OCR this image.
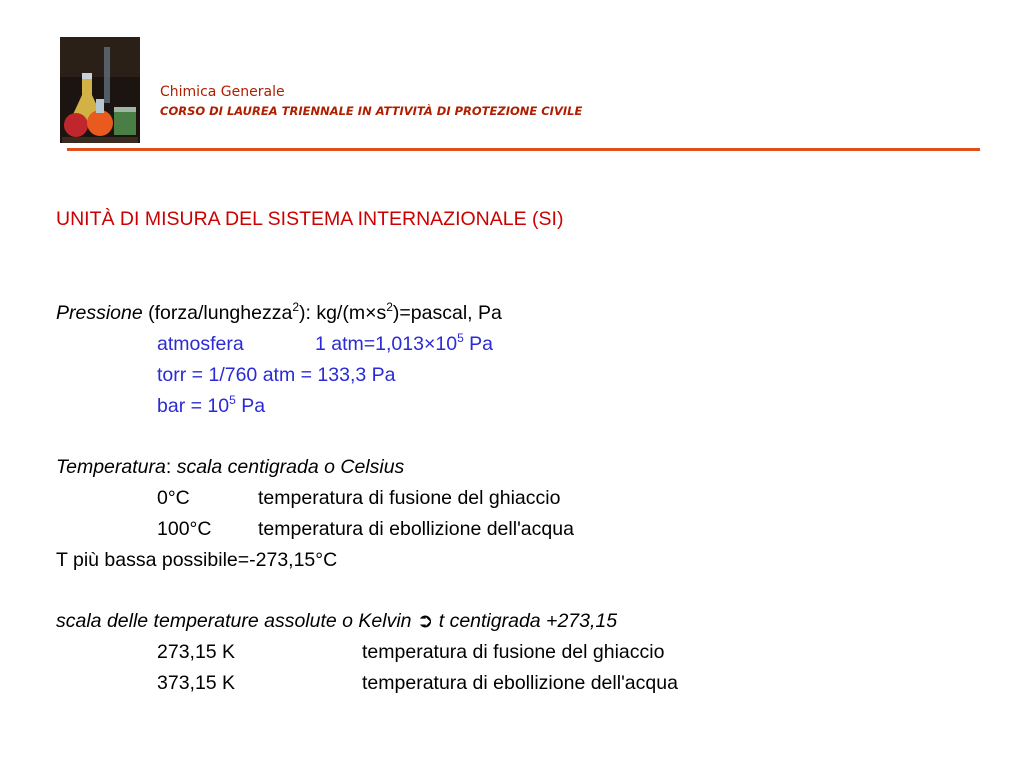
Chimica Generale
CORSO DI LAUREA TRIENNALE IN ATTIVITÀ DI PROTEZIONE CIVILE
UNITÀ DI MISURA DEL SISTEMA INTERNAZIONALE (SI)
Pressione (forza/lunghezza$^2$): $kg/(m\times s^2)=pascal$, Pa
atmosfera	1 $atm=1,013\times 10^5$ Pa
torr = 1/760 atm = 133,3 Pa
bar = $10^5$ Pa
Temperatura: scala centigrada o Celsius
0°C	temperatura di fusione del ghiaccio
100°C temperatura di ebollizione dell'acqua
T più bassa possibile=-273,15°C
scala delle temperature assolute o Kelvin ➲ t centigrada +273,15
273,15 K	temperatura di fusione del ghiaccio
373,15 K	temperatura di ebollizione dell'acqua
